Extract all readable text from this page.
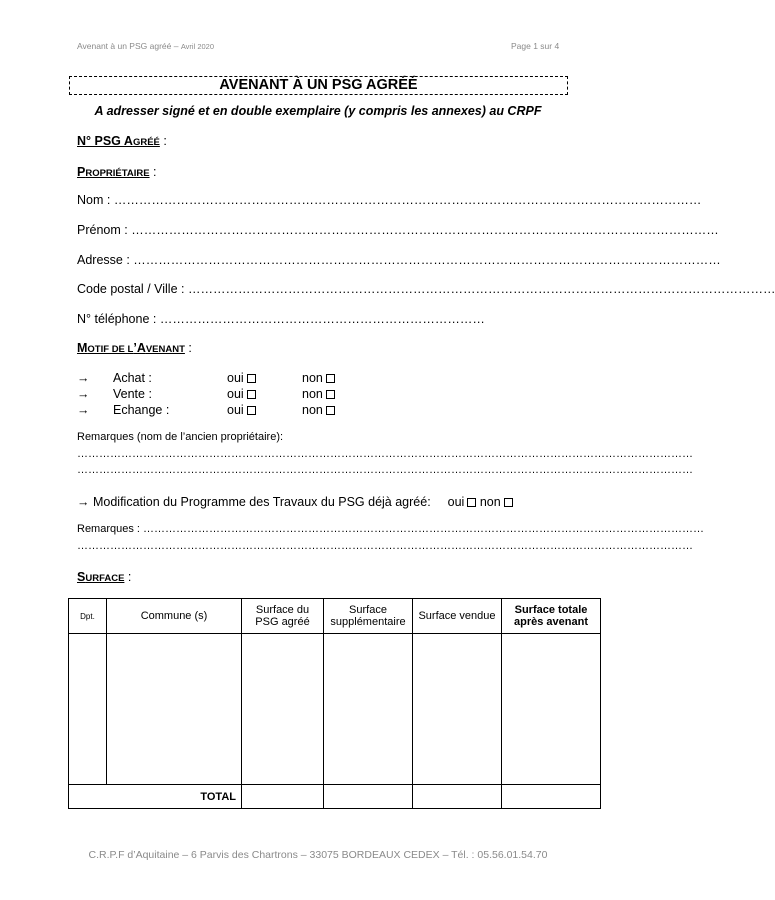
Avenant à un PSG agréé – Avril 2020	Page 1 sur 4
AVENANT À UN PSG AGRÉÉ
A adresser signé et en double exemplaire (y compris les annexes) au CRPF
N° PSG AGRÉÉ :
PROPRIÉTAIRE :
Nom : ……………………………………………………………………………………………………………………………
Prénom : ……………………………………………………………………………………………………………………………
Adresse : ……………………………………………………………………………………………………………………………
Code postal / Ville : ……………………………………………………………………………………………………………………………
N° téléphone : ……………………………………………………………………
MOTIF DE L’AVENANT :
→ Achat :	oui	non
→ Vente :	oui	non
→ Echange :	oui	non
Remarques (nom de l’ancien propriétaire):
……………………………………………………………………………………………………………………………………………………
……………………………………………………………………………………………………………………………………………………
→ Modification du Programme des Travaux du PSG déjà agréé: oui non
Remarques : ………………………………………………………………………………………………………………………………………
……………………………………………………………………………………………………………………………………………………
SURFACE :
Dpt.	Commune (s)	Surface du PSG agréé	Surface supplémentaire	Surface vendue	Surface totale après avenant

TOTAL					
C.R.P.F d’Aquitaine – 6 Parvis des Chartrons – 33075 BORDEAUX CEDEX – Tél. : 05.56.01.54.70
